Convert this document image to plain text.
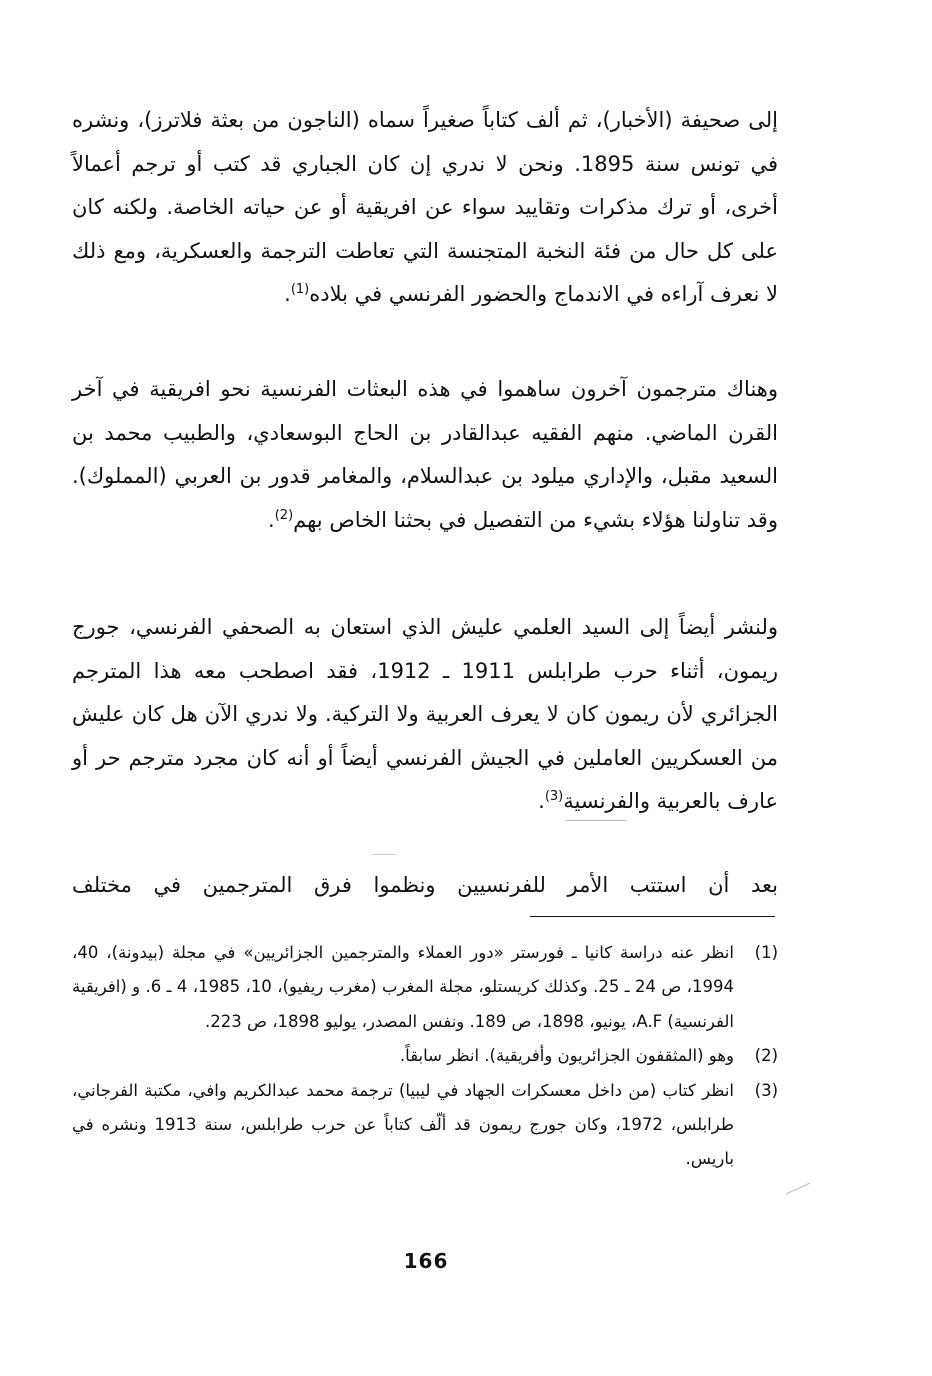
إلى صحيفة (الأخبار)، ثم ألف كتاباً صغيراً سماه (الناجون من بعثة فلاترز)، ونشره في تونس سنة 1895. ونحن لا ندري إن كان الجباري قد كتب أو ترجم أعمالاً أخرى، أو ترك مذكرات وتقاييد سواء عن افريقية أو عن حياته الخاصة. ولكنه كان على كل حال من فئة النخبة المتجنسة التي تعاطت الترجمة والعسكرية، ومع ذلك لا نعرف آراءه في الاندماج والحضور الفرنسي في بلاده$^{(1)}$.

وهناك مترجمون آخرون ساهموا في هذه البعثات الفرنسية نحو افريقية في آخر القرن الماضي. منهم الفقيه عبدالقادر بن الحاج البوسعادي، والطبيب محمد بن السعيد مقبل، والإداري ميلود بن عبدالسلام، والمغامر قدور بن العربي (المملوك). وقد تناولنا هؤلاء بشيء من التفصيل في بحثنا الخاص بهم$^{(2)}$.

ولنشر أيضاً إلى السيد العلمي عليش الذي استعان به الصحفي الفرنسي، جورج ريمون، أثناء حرب طرابلس 1911 ـ 1912، فقد اصطحب معه هذا المترجم الجزائري لأن ريمون كان لا يعرف العربية ولا التركية. ولا ندري الآن هل كان عليش من العسكريين العاملين في الجيش الفرنسي أيضاً أو أنه كان مجرد مترجم حر أو عارف بالعربية والفرنسية$^{(3)}$.

بعد أن استتب الأمر للفرنسيين ونظموا فرق المترجمين في مختلف

(1)
انظر عنه دراسة كانيا ـ فورستر «دور العملاء والمترجمين الجزائريين» في مجلة (بيدونة)، 40، 1994، ص 24 ـ 25. وكذلك كريستلو، مجلة المغرب (مغرب ريفيو)، 10، 1985، 4 ـ 6. و (افريقية الفرنسية) A.F، يونيو، 1898، ص 189. ونفس المصدر، يوليو 1898، ص 223.
(2)
وهو (المثقفون الجزائريون وأفريقية). انظر سابقاً.
(3)
انظر كتاب (من داخل معسكرات الجهاد في ليبيا) ترجمة محمد عبدالكريم وافي، مكتبة الفرجاني، طرابلس، 1972، وكان جورج ريمون قد ألّف كتاباً عن حرب طرابلس، سنة 1913 ونشره في باريس.
166
